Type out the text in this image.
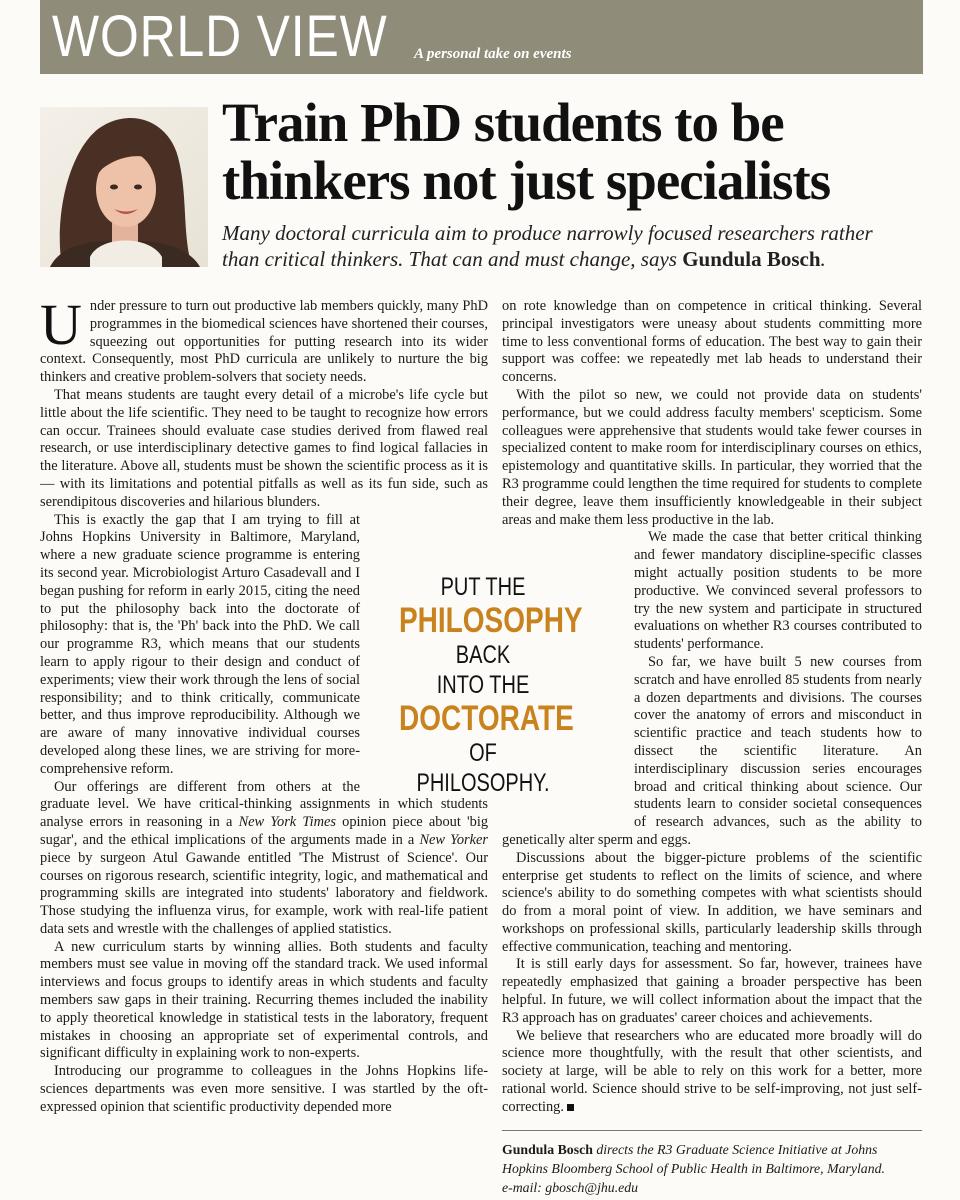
WORLD VIEW A personal take on events
Train PhD students to be
thinkers not just specialists
Many doctoral curricula aim to produce narrowly focused researchers rather
than critical thinkers. That can and must change, says Gundula Bosch.

Under pressure to turn out productive lab members quickly, many PhD programmes in the biomedical sciences have shortened their courses, squeezing out opportunities for putting research into its wider context. Consequently, most PhD curricula are unlikely to nurture the big thinkers and creative problem-solvers that society needs.

That means students are taught every detail of a microbe's life cycle but little about the life scientific. They need to be taught to recognize how errors can occur. Trainees should evaluate case studies derived from flawed real research, or use interdisciplinary detective games to find logical fallacies in the literature. Above all, students must be shown the scientific process as it is — with its limitations and potential pitfalls as well as its fun side, such as serendipitous discoveries and hilarious blunders.

This is exactly the gap that I am trying to fill at Johns Hopkins University in Baltimore, Maryland, where a new graduate science programme is entering its second year. Microbiologist Arturo Casadevall and I began pushing for reform in early 2015, citing the need to put the philosophy back into the doctorate of philosophy: that is, the 'Ph' back into the PhD. We call our programme R3, which means that our students learn to apply rigour to their design and conduct of experiments; view their work through the lens of social responsibility; and to think critically, communicate better, and thus improve reproducibility. Although we are aware of many innovative individual courses developed along these lines, we are striving for more-comprehensive reform.

Our offerings are different from others at the graduate level. We have critical-thinking assignments in which students analyse errors in reasoning in a New York Times opinion piece about 'big sugar', and the ethical implications of the arguments made in a New Yorker piece by surgeon Atul Gawande entitled 'The Mistrust of Science'. Our courses on rigorous research, scientific integrity, logic, and mathematical and programming skills are integrated into students' laboratory and fieldwork. Those studying the influenza virus, for example, work with real-life patient data sets and wrestle with the challenges of applied statistics.

A new curriculum starts by winning allies. Both students and faculty members must see value in moving off the standard track. We used informal interviews and focus groups to identify areas in which students and faculty members saw gaps in their training. Recurring themes included the inability to apply theoretical knowledge in statistical tests in the laboratory, frequent mistakes in choosing an appropriate set of experimental controls, and significant difficulty in explaining work to non-experts.

Introducing our programme to colleagues in the Johns Hopkins life-sciences departments was even more sensitive. I was startled by the oft-expressed opinion that scientific productivity depended more

on rote knowledge than on competence in critical thinking. Several principal investigators were uneasy about students committing more time to less conventional forms of education. The best way to gain their support was coffee: we repeatedly met lab heads to understand their concerns.

With the pilot so new, we could not provide data on students' performance, but we could address faculty members' scepticism. Some colleagues were apprehensive that students would take fewer courses in specialized content to make room for interdisciplinary courses on ethics, epistemology and quantitative skills. In particular, they worried that the R3 programme could lengthen the time required for students to complete their degree, leave them insufficiently knowledgeable in their subject areas and make them less productive in the lab.

We made the case that better critical thinking and fewer mandatory discipline-specific classes might actually position students to be more productive. We convinced several professors to try the new system and participate in structured evaluations on whether R3 courses contributed to students' performance.

So far, we have built 5 new courses from scratch and have enrolled 85 students from nearly a dozen departments and divisions. The courses cover the anatomy of errors and misconduct in scientific practice and teach students how to dissect the scientific literature. An interdisciplinary discussion series encourages broad and critical thinking about science. Our students learn to consider societal consequences of research advances, such as the ability to genetically alter sperm and eggs.

Discussions about the bigger-picture problems of the scientific enterprise get students to reflect on the limits of science, and where science's ability to do something competes with what scientists should do from a moral point of view. In addition, we have seminars and workshops on professional skills, particularly leadership skills through effective communication, teaching and mentoring.

It is still early days for assessment. So far, however, trainees have repeatedly emphasized that gaining a broader perspective has been helpful. In future, we will collect information about the impact that the R3 approach has on graduates' career choices and achievements.

We believe that researchers who are educated more broadly will do science more thoughtfully, with the result that other scientists, and society at large, will be able to rely on this work for a better, more rational world. Science should strive to be self-improving, not just self-correcting.

PUT THE
PHILOSOPHY
BACK
INTO THE
DOCTORATE
OF
PHILOSOPHY.
Gundula Bosch directs the R3 Graduate Science Initiative at Johns Hopkins Bloomberg School of Public Health in Baltimore, Maryland.
e-mail: gbosch@jhu.edu
